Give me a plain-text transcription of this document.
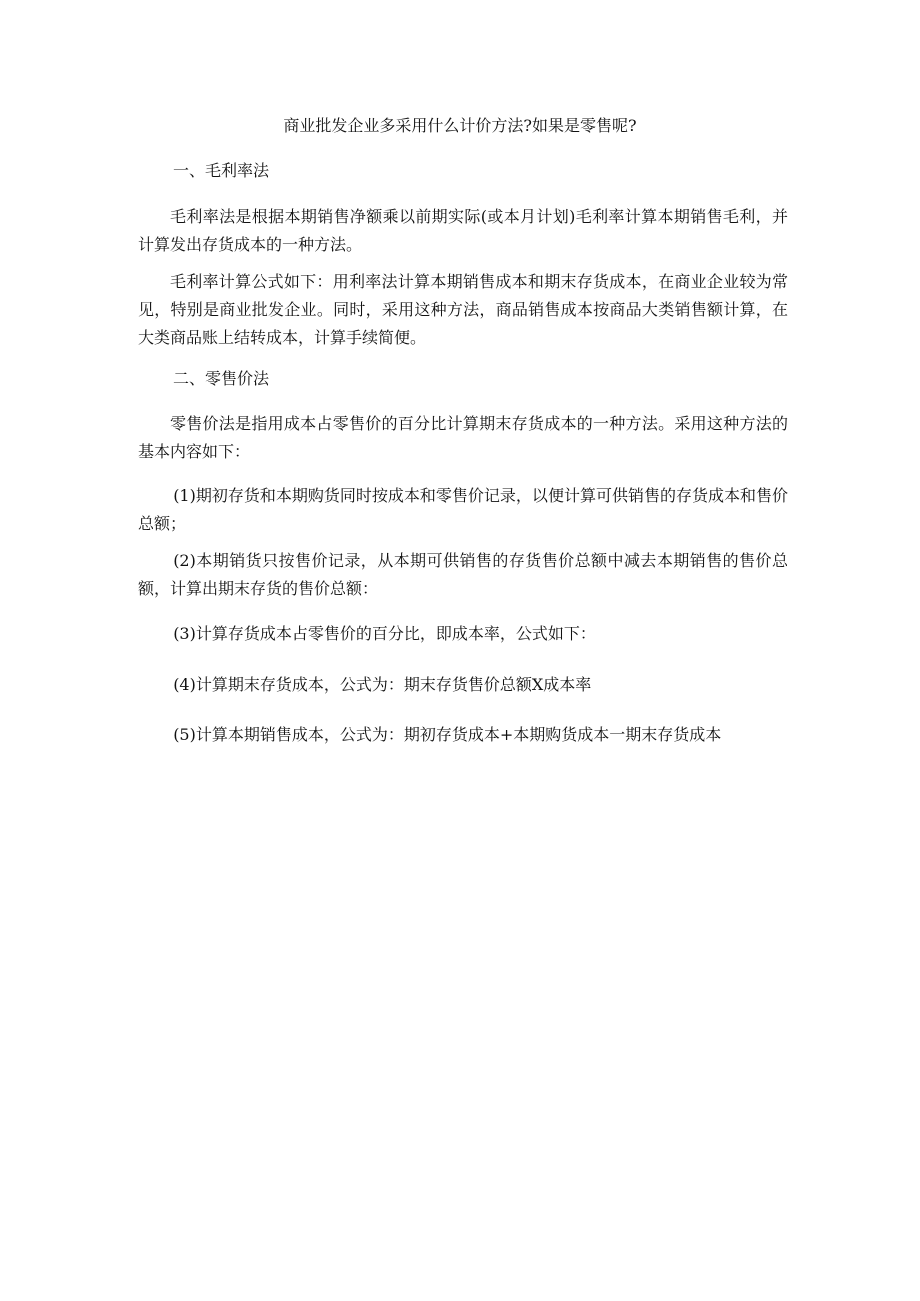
商业批发企业多采用什么计价方法?如果是零售呢?
一、毛利率法

毛利率法是根据本期销售净额乘以前期实际(或本月计划)毛利率计算本期销售毛利，并计算发出存货成本的一种方法。

毛利率计算公式如下：用利率法计算本期销售成本和期末存货成本，在商业企业较为常见，特别是商业批发企业。同时，采用这种方法，商品销售成本按商品大类销售额计算，在大类商品账上结转成本，计算手续简便。

二、零售价法

零售价法是指用成本占零售价的百分比计算期末存货成本的一种方法。采用这种方法的基本内容如下：

(1)期初存货和本期购货同时按成本和零售价记录，以便计算可供销售的存货成本和售价总额；

(2)本期销货只按售价记录，从本期可供销售的存货售价总额中减去本期销售的售价总额，计算出期末存货的售价总额：

(3)计算存货成本占零售价的百分比，即成本率，公式如下：

(4)计算期末存货成本，公式为：期末存货售价总额X成本率

(5)计算本期销售成本，公式为：期初存货成本+本期购货成本一期末存货成本
